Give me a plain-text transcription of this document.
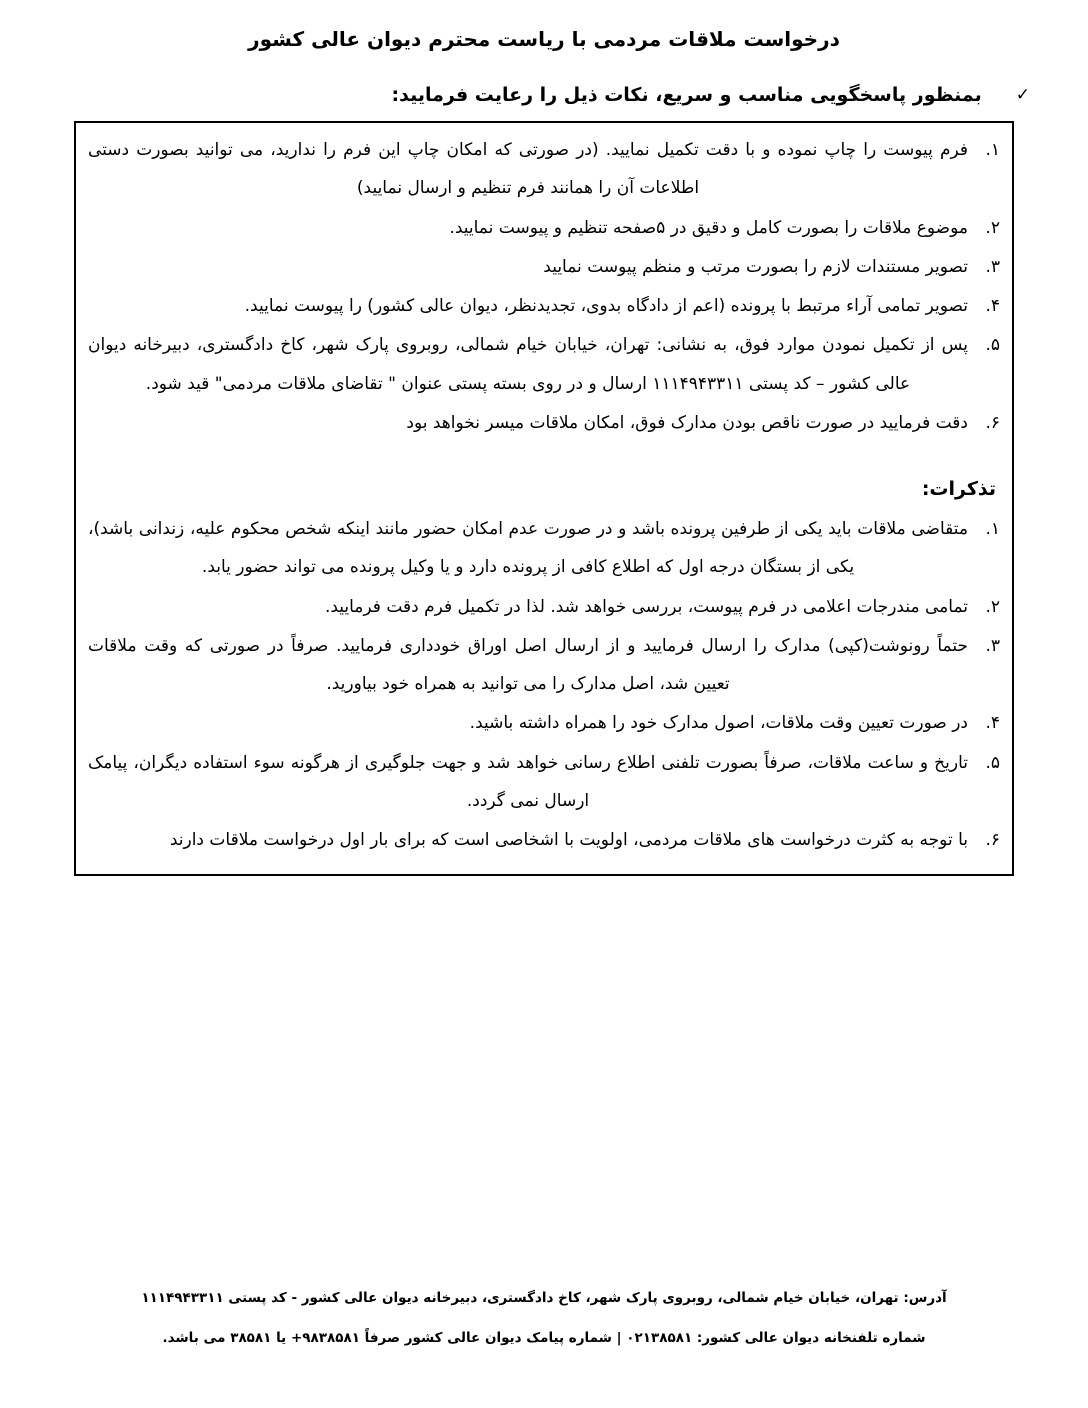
درخواست ملاقات مردمی با ریاست محترم دیوان عالی کشور
✓
بمنظور پاسخگویی مناسب و سریع، نکات ذیل را رعایت فرمایید:
۱.
فرم پیوست را چاپ نموده و با دقت تکمیل نمایید. (در صورتی که امکان چاپ این فرم را ندارید، می توانید بصورت دستی اطلاعات آن را همانند فرم تنظیم و ارسال نمایید)
۲.
موضوع ملاقات را بصورت کامل و دقیق در ۵صفحه تنظیم و پیوست نمایید.
۳.
تصویر مستندات لازم را بصورت مرتب و منظم پیوست نمایید
۴.
تصویر تمامی آراء مرتبط با پرونده (اعم از دادگاه بدوی، تجدیدنظر، دیوان عالی کشور) را پیوست نمایید.
۵.
پس از تکمیل نمودن موارد فوق، به نشانی: تهران، خیابان خیام شمالی، روبروی پارک شهر، کاخ دادگستری، دبیرخانه دیوان عالی کشور – کد پستی ۱۱۱۴۹۴۳۳۱۱ ارسال و در روی بسته پستی عنوان " تقاضای ملاقات مردمی" قید شود.
۶.
دقت فرمایید در صورت ناقص بودن مدارک فوق، امکان ملاقات میسر نخواهد بود
تذکرات:
۱.
متقاضی ملاقات باید یکی از طرفین پرونده باشد و در صورت عدم امکان حضور مانند اینکه شخص محکوم علیه، زندانی باشد)، یکی از بستگان درجه اول که اطلاع کافی از پرونده دارد و یا وکیل پرونده می تواند حضور یابد.
۲.
تمامی مندرجات اعلامی در فرم پیوست، بررسی خواهد شد. لذا در تکمیل فرم دقت فرمایید.
۳.
حتماً رونوشت(کپی) مدارک را ارسال فرمایید و از ارسال اصل اوراق خودداری فرمایید. صرفاً در صورتی که وقت ملاقات تعیین شد، اصل مدارک را می توانید به همراه خود بیاورید.
۴.
در صورت تعیین وقت ملاقات، اصول مدارک خود را همراه داشته باشید.
۵.
تاریخ و ساعت ملاقات، صرفاً بصورت تلفنی اطلاع رسانی خواهد شد و جهت جلوگیری از هرگونه سوء استفاده دیگران، پیامک ارسال نمی گردد.
۶.
با توجه به کثرت درخواست های ملاقات مردمی، اولویت با اشخاصی است که برای بار اول درخواست ملاقات دارند
آدرس: تهران، خیابان خیام شمالی، روبروی پارک شهر، کاخ دادگستری، دبیرخانه دیوان عالی کشور - کد پستی ۱۱۱۴۹۴۳۳۱۱
شماره تلفنخانه دیوان عالی کشور: ۰۲۱۳۸۵۸۱ | شماره پیامک دیوان عالی کشور صرفاً ۹۸۳۸۵۸۱+ یا ۳۸۵۸۱ می باشد.
